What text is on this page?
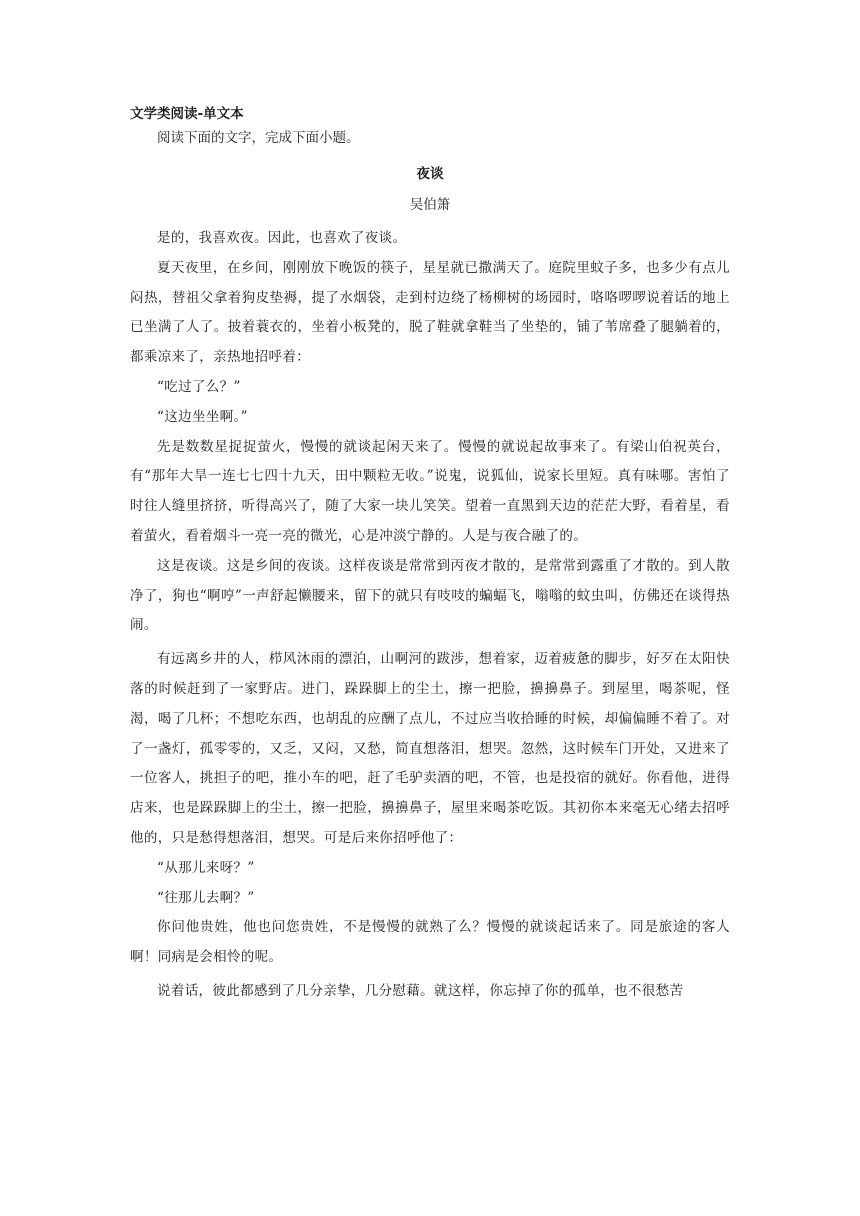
文学类阅读-单文本

阅读下面的文字，完成下面小题。

夜谈

吴伯箫

是的，我喜欢夜。因此，也喜欢了夜谈。

夏天夜里，在乡间，刚刚放下晚饭的筷子，星星就已撒满天了。庭院里蚊子多，也多少有点儿闷热，替祖父拿着狗皮垫褥，提了水烟袋，走到村边绕了杨柳树的场园时，咯咯啰啰说着话的地上已坐满了人了。披着蓑衣的，坐着小板凳的，脱了鞋就拿鞋当了坐垫的，铺了苇席叠了腿躺着的，都乘凉来了，亲热地招呼着：

“吃过了么？”

“这边坐坐啊。”

先是数数星捉捉萤火，慢慢的就谈起闲天来了。慢慢的就说起故事来了。有梁山伯祝英台，有“那年大旱一连七七四十九天，田中颗粒无收。”说鬼，说狐仙，说家长里短。真有味哪。害怕了时往人缝里挤挤，听得高兴了，随了大家一块儿笑笑。望着一直黑到天边的茫茫大野，看着星，看着萤火，看着烟斗一亮一亮的微光，心是冲淡宁静的。人是与夜合融了的。

这是夜谈。这是乡间的夜谈。这样夜谈是常常到丙夜才散的，是常常到露重了才散的。到人散净了，狗也“啊哼”一声舒起懒腰来，留下的就只有吱吱的蝙蝠飞，嗡嗡的蚊虫叫，仿佛还在谈得热闹。

有远离乡井的人，栉风沐雨的漂泊，山啊河的跋涉，想着家，迈着疲惫的脚步，好歹在太阳快落的时候赶到了一家野店。进门，跺跺脚上的尘土，擦一把脸，擤擤鼻子。到屋里，喝茶呢，怪渴，喝了几杯；不想吃东西，也胡乱的应酬了点儿，不过应当收拾睡的时候，却偏偏睡不着了。对了一盏灯，孤零零的，又乏，又闷，又愁，简直想落泪，想哭。忽然，这时候车门开处，又进来了一位客人，挑担子的吧，推小车的吧，赶了毛驴卖酒的吧，不管，也是投宿的就好。你看他，进得店来，也是跺跺脚上的尘土，擦一把脸，擤擤鼻子，屋里来喝茶吃饭。其初你本来毫无心绪去招呼他的，只是愁得想落泪，想哭。可是后来你招呼他了：

“从那儿来呀？”

“往那儿去啊？”

你问他贵姓，他也问您贵姓，不是慢慢的就熟了么？慢慢的就谈起话来了。同是旅途的客人啊！同病是会相怜的呢。

说着话，彼此都感到了几分亲挚，几分慰藉。就这样，你忘掉了你的孤单，也不很愁苦
